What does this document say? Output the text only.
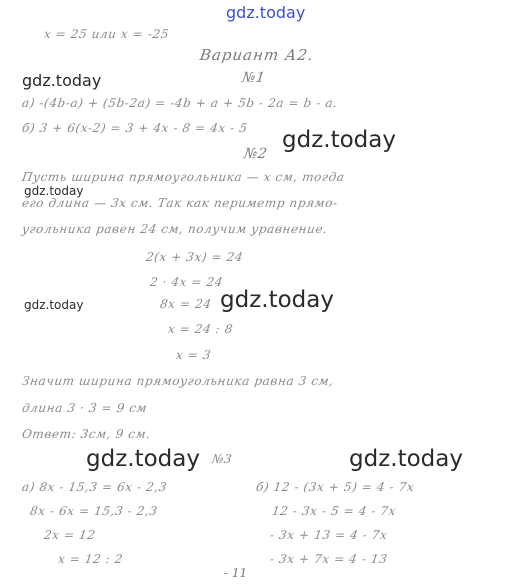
gdz.today
gdz.today
gdz.today
gdz.today
gdz.today	gdz.today
gdz.today	gdz.today
x = 25 или x = -25
Вариант А2.
№1
а) -(4b-a) + (5b-2a) = -4b + a + 5b - 2a = b - a.
б) 3 + 6(x-2) = 3 + 4x - 8 = 4x - 5
№2
Пусть ширина прямоугольника — x см, тогда
его длина — 3x см. Так как периметр прямо-
угольника равен 24 см, получим уравнение.
2(x + 3x) = 24
2 · 4x = 24
8x = 24
x = 24 : 8
x = 3
Значит ширина прямоугольника равна 3 см,
длина 3 · 3 = 9 см
Ответ: 3см, 9 см.
№3
а) 8x - 15,3 = 6x - 2,3
8x - 6x = 15,3 - 2,3
2x = 12
x = 12 : 2
б) 12 - (3x + 5) = 4 - 7x
12 - 3x - 5 = 4 - 7x
- 3x + 13 = 4 - 7x
- 3x + 7x = 4 - 13
- 11
